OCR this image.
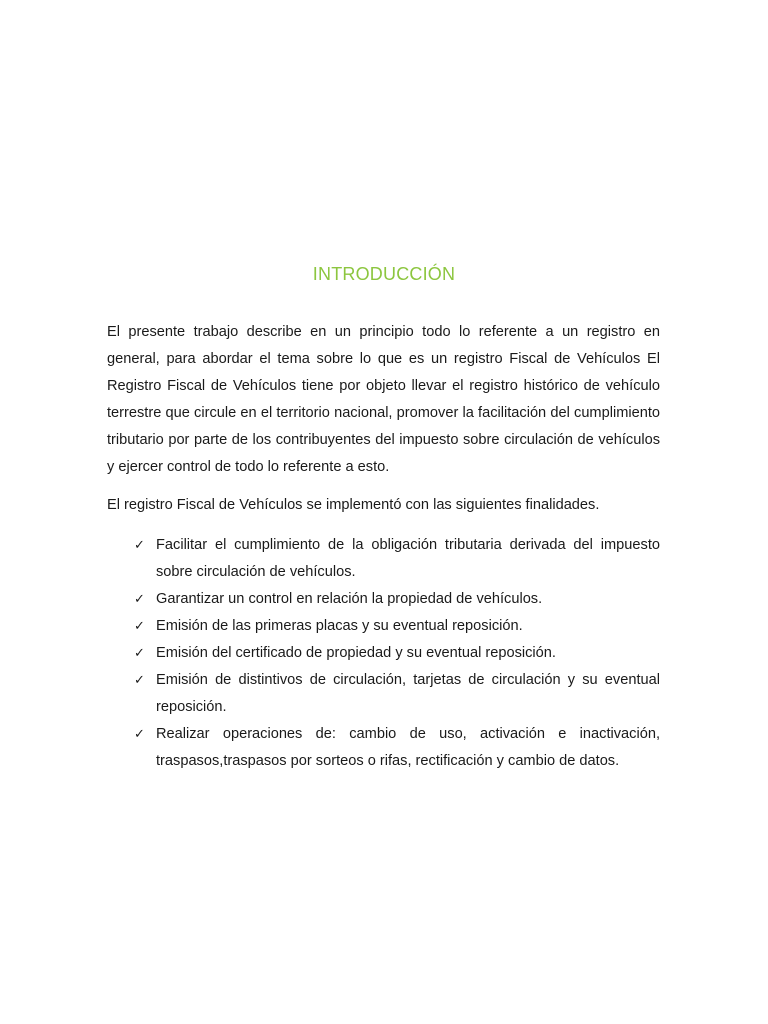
INTRODUCCIÓN

El presente trabajo describe en un principio todo lo referente a un registro en general, para abordar el tema sobre lo que es un registro Fiscal de Vehículos El Registro Fiscal de Vehículos tiene por objeto llevar el registro histórico de vehículo terrestre que circule en el territorio nacional, promover la facilitación del cumplimiento tributario por parte de los contribuyentes del impuesto sobre circulación de vehículos y ejercer control de todo lo referente a esto.

El registro Fiscal de Vehículos se implementó con las siguientes finalidades.

✓ Facilitar el cumplimiento de la obligación tributaria derivada del impuesto sobre circulación de vehículos.
✓ Garantizar un control en relación la propiedad de vehículos.
✓ Emisión de las primeras placas y su eventual reposición.
✓ Emisión del certificado de propiedad y su eventual reposición.
✓ Emisión de distintivos de circulación, tarjetas de circulación y su eventual reposición.
✓ Realizar operaciones de: cambio de uso, activación e inactivación, traspasos,traspasos por sorteos o rifas, rectificación y cambio de datos.
